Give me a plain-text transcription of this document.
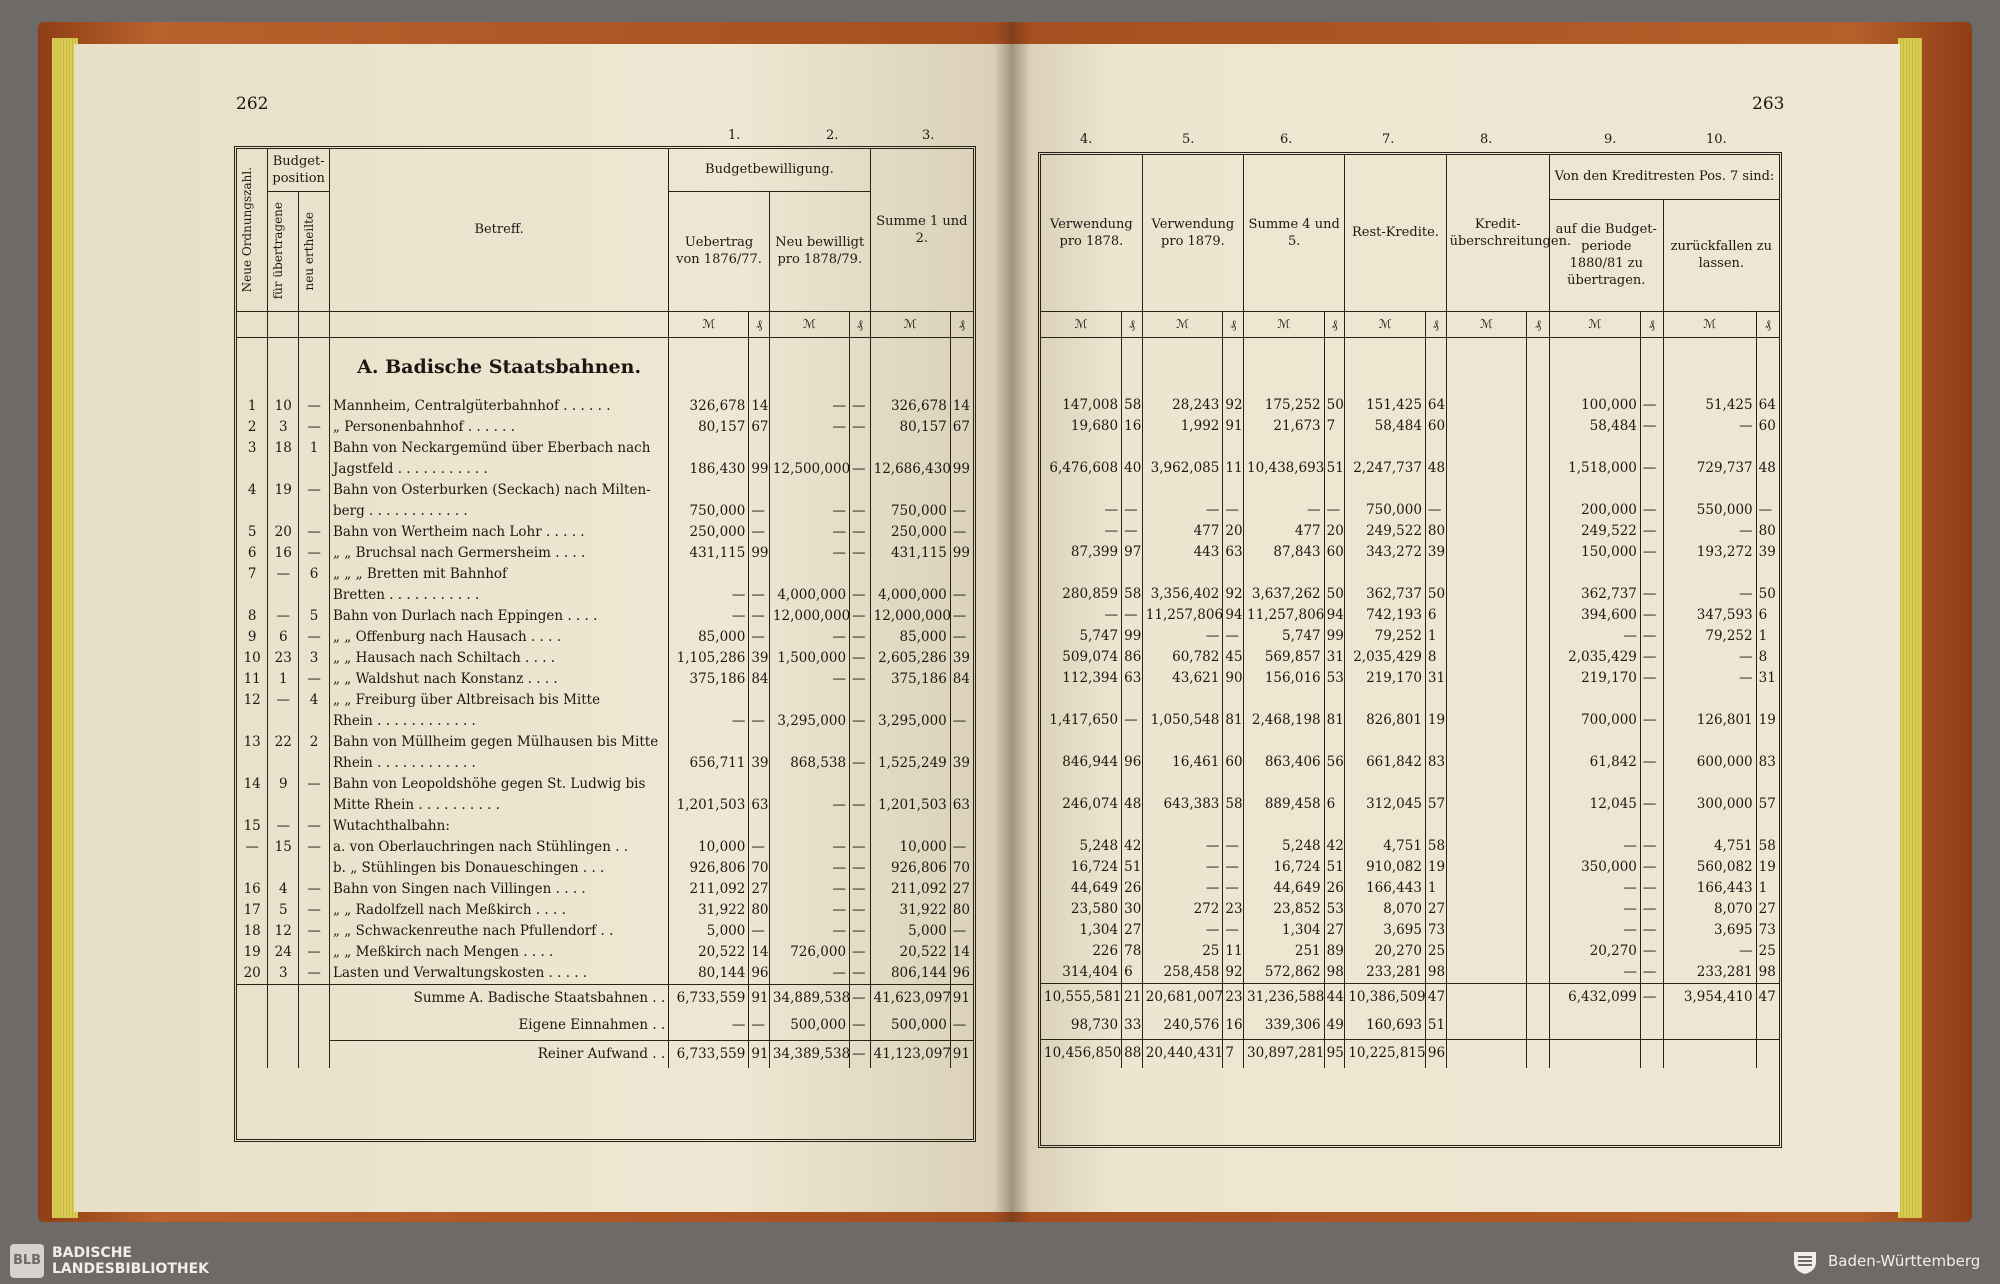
262	263
1.	2.	3.	4.	5.	6.	7.	8.	9.	10.
Neue Ordnungszahl.	Budget-position		Betreff.	Budgetbewilligung.				Summe 1 und 2.	

	für übertragene	neu ertheilte		Uebertrag von 1876/77.		Neu bewilligt pro 1878/79.			
				ℳ	₰	ℳ	₰	ℳ	₰
			A. Badische Staatsbahnen.						
1	10	—	Mannheim, Centralgüterbahnhof . . . . . .	326,678	14	—	—	326,678	14
2	3	—	„ Personenbahnhof . . . . . .	80,157	67	—	—	80,157	67
3	18	1	Bahn von Neckargemünd über Eberbach nach						
			Jagstfeld . . . . . . . . . . .	186,430	99	12,500,000	—	12,686,430	99
4	19	—	Bahn von Osterburken (Seckach) nach Milten-						
			berg . . . . . . . . . . . .	750,000	—	—	—	750,000	—
5	20	—	Bahn von Wertheim nach Lohr . . . . .	250,000	—	—	—	250,000	—
6	16	—	„ „ Bruchsal nach Germersheim . . . .	431,115	99	—	—	431,115	99
7	—	6	„ „ „ Bretten mit Bahnhof						
			Bretten . . . . . . . . . . .	—	—	4,000,000	—	4,000,000	—
8	—	5	Bahn von Durlach nach Eppingen . . . .	—	—	12,000,000	—	12,000,000	—
9	6	—	„ „ Offenburg nach Hausach . . . .	85,000	—	—	—	85,000	—
10	23	3	„ „ Hausach nach Schiltach . . . .	1,105,286	39	1,500,000	—	2,605,286	39
11	1	—	„ „ Waldshut nach Konstanz . . . .	375,186	84	—	—	375,186	84
12	—	4	„ „ Freiburg über Altbreisach bis Mitte						
			Rhein . . . . . . . . . . . .	—	—	3,295,000	—	3,295,000	—
13	22	2	Bahn von Müllheim gegen Mülhausen bis Mitte						
			Rhein . . . . . . . . . . . .	656,711	39	868,538	—	1,525,249	39
14	9	—	Bahn von Leopoldshöhe gegen St. Ludwig bis						
			Mitte Rhein . . . . . . . . . .	1,201,503	63	—	—	1,201,503	63
15	—	—	Wutachthalbahn:						
—	15	—	a. von Oberlauchringen nach Stühlingen . .	10,000	—	—	—	10,000	—
			b. „ Stühlingen bis Donaueschingen . . .	926,806	70	—	—	926,806	70
16	4	—	Bahn von Singen nach Villingen . . . .	211,092	27	—	—	211,092	27
17	5	—	„ „ Radolfzell nach Meßkirch . . . .	31,922	80	—	—	31,922	80
18	12	—	„ „ Schwackenreuthe nach Pfullendorf . .	5,000	—	—	—	5,000	—
19	24	—	„ „ Meßkirch nach Mengen . . . .	20,522	14	726,000	—	20,522	14
20	3	—	Lasten und Verwaltungskosten . . . . .	80,144	96	—	—	806,144	96
			Summe A. Badische Staatsbahnen . .	6,733,559	91	34,889,538	—	41,623,097	91
			Eigene Einnahmen . .	—	—	500,000	—	500,000	—
			Reiner Aufwand . .	6,733,559	91	34,389,538	—	41,123,097	91
Verwendung pro 1878.		Verwendung pro 1879.		Summe 4 und 5.		Rest-Kredite.		Kredit-überschreitungen.		Von den Kreditresten Pos. 7 sind:			
										auf die Budget-periode 1880/81 zu übertragen.		zurückfallen zu lassen.	
ℳ	₰	ℳ	₰	ℳ	₰	ℳ	₰	ℳ	₰	ℳ	₰	ℳ	₰

147,008	58	28,243	92	175,252	50	151,425	64			100,000	—	51,425	64
19,680	16	1,992	91	21,673	7	58,484	60			58,484	—	—	60

6,476,608	40	3,962,085	11	10,438,693	51	2,247,737	48			1,518,000	—	729,737	48

—	—	—	—	—	—	750,000	—			200,000	—	550,000	—
—	—	477	20	477	20	249,522	80			249,522	—	—	80
87,399	97	443	63	87,843	60	343,272	39			150,000	—	193,272	39

280,859	58	3,356,402	92	3,637,262	50	362,737	50			362,737	—	—	50
—	—	11,257,806	94	11,257,806	94	742,193	6			394,600	—	347,593	6
5,747	99	—	—	5,747	99	79,252	1			—	—	79,252	1
509,074	86	60,782	45	569,857	31	2,035,429	8			2,035,429	—	—	8
112,394	63	43,621	90	156,016	53	219,170	31			219,170	—	—	31

1,417,650	—	1,050,548	81	2,468,198	81	826,801	19			700,000	—	126,801	19

846,944	96	16,461	60	863,406	56	661,842	83			61,842	—	600,000	83

246,074	48	643,383	58	889,458	6	312,045	57			12,045	—	300,000	57

5,248	42	—	—	5,248	42	4,751	58			—	—	4,751	58
16,724	51	—	—	16,724	51	910,082	19			350,000	—	560,082	19
44,649	26	—	—	44,649	26	166,443	1			—	—	166,443	1
23,580	30	272	23	23,852	53	8,070	27			—	—	8,070	27
1,304	27	—	—	1,304	27	3,695	73			—	—	3,695	73
226	78	25	11	251	89	20,270	25			20,270	—	—	25
314,404	6	258,458	92	572,862	98	233,281	98			—	—	233,281	98
10,555,581	21	20,681,007	23	31,236,588	44	10,386,509	47			6,432,099	—	3,954,410	47
98,730	33	240,576	16	339,306	49	160,693	51						
10,456,850	88	20,440,431	7	30,897,281	95	10,225,815	96						
BLB BADISCHE
LANDESBIBLIOTHEK	Baden-Württemberg
